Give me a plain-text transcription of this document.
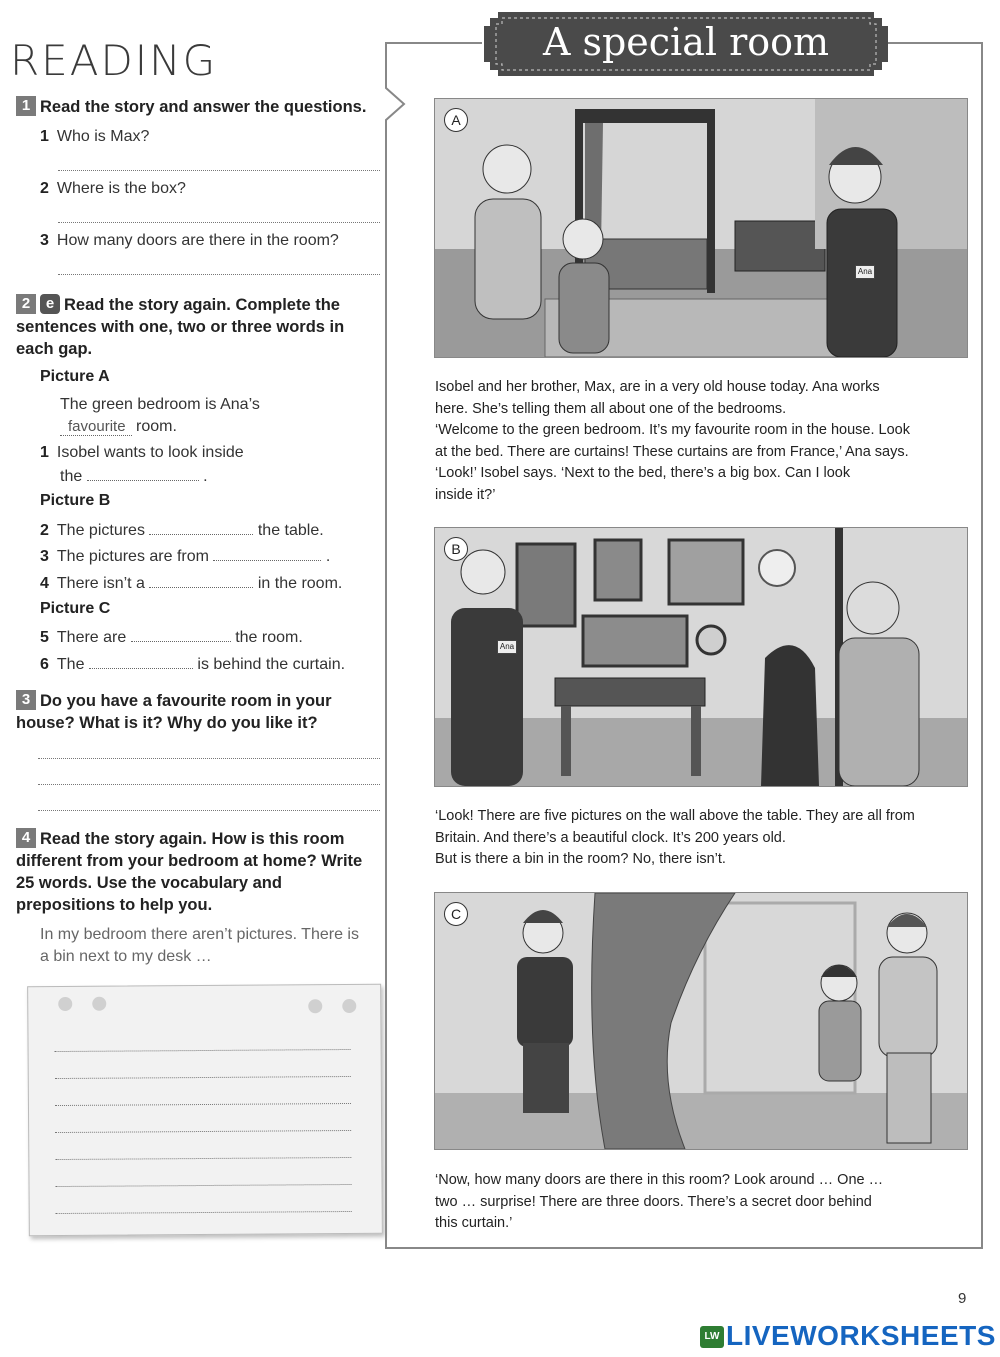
READING
1 Read the story and answer the questions.
1 Who is Max?
2 Where is the box?
3 How many doors are there in the room?
2 e Read the story again. Complete the sentences with one, two or three words in each gap.
Picture A
The green bedroom is Ana’s
favourite room.
1 Isobel wants to look inside
the	.
Picture B
2 The pictures	the table.
3 The pictures are from	.
4 There isn’t a	in the room.
Picture C
5 There are	the room.
6 The	is behind the curtain.
3 Do you have a favourite room in your house? What is it? Why do you like it?
4 Read the story again. How is this room different from your bedroom at home? Write 25 words. Use the vocabulary and prepositions to help you.
In my bedroom there aren’t pictures. There is a bin next to my desk …
A special room
Ana
A
Isobel and her brother, Max, are in a very old house today. Ana works
here. She’s telling them all about one of the bedrooms.
‘Welcome to the green bedroom. It’s my favourite room in the house. Look
at the bed. There are curtains! These curtains are from France,’ Ana says.
‘Look!’ Isobel says. ‘Next to the bed, there’s a big box. Can I look
inside it?’
Ana
B
‘Look! There are five pictures on the wall above the table. They are all from
Britain. And there’s a beautiful clock. It’s 200 years old.
But is there a bin in the room? No, there isn’t.
C
‘Now, how many doors are there in this room? Look around … One …
two … surprise! There are three doors. There’s a secret door behind
this curtain.’
9
LW LIVEWORKSHEETS
